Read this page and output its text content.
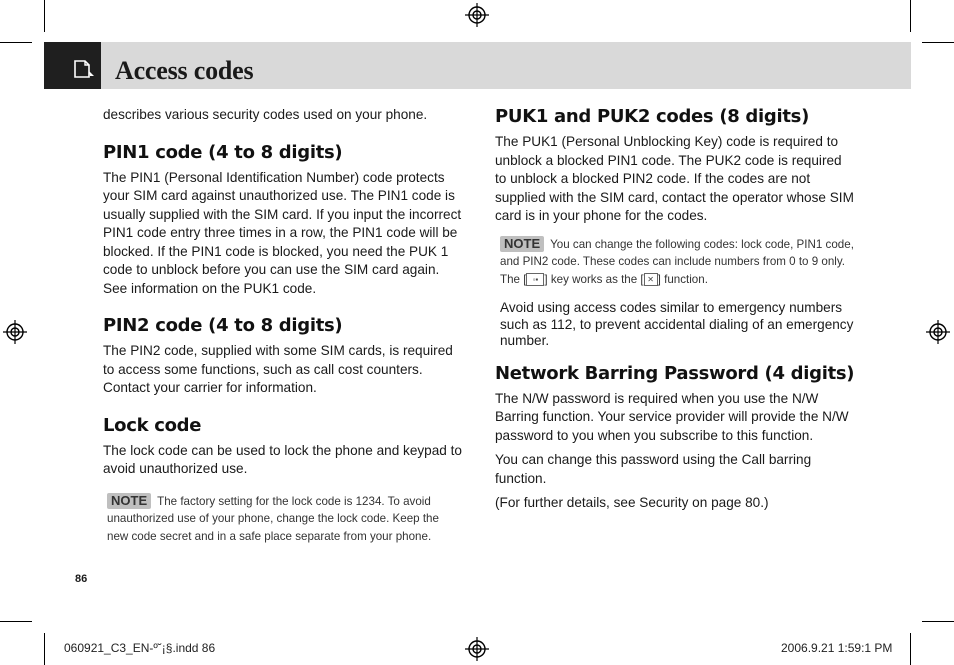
Access codes

describes various security codes used on your phone.

PIN1 code (4 to 8 digits)

The PIN1 (Personal Identification Number) code protects your SIM card against unauthorized use. The PIN1 code is usually supplied with the SIM card. If you input the incorrect PIN1 code entry three times in a row, the PIN1 code will be blocked. If the PIN1 code is blocked, you need the PUK 1 code to unblock before you can use the SIM card again. See information on the PUK1 code.

PIN2 code (4 to 8 digits)

The PIN2 code, supplied with some SIM cards, is required to access some functions, such as call cost counters. Contact your carrier for information.

Lock code

The lock code can be used to lock the phone and keypad to avoid unauthorized use.

NOTE The factory setting for the lock code is 1234. To avoid unauthorized use of your phone, change the lock code. Keep the new code secret and in a safe place separate from your phone.

PUK1 and PUK2 codes (8 digits)

The PUK1 (Personal Unblocking Key) code is required to unblock a blocked PIN1 code. The PUK2 code is required to unblock a blocked PIN2 code. If the codes are not supplied with the SIM card, contact the operator whose SIM card is in your phone for the codes.

NOTE You can change the following codes: lock code, PIN1 code, and PIN2 code. These codes can include numbers from 0 to 9 only. The [ ◦▪ ] key works as the [ ✕ ] function.

Avoid using access codes similar to emergency numbers such as 112, to prevent accidental dialing of an emergency number.

Network Barring Password (4 digits)

The N/W password is required when you use the N/W Barring function. Your service provider will provide the N/W password to you when you subscribe to this function.

You can change this password using the Call barring function.

(For further details, see Security on page 80.)

86
060921_C3_EN-º˘¡§.indd 86	2006.9.21 1:59:1 PM
